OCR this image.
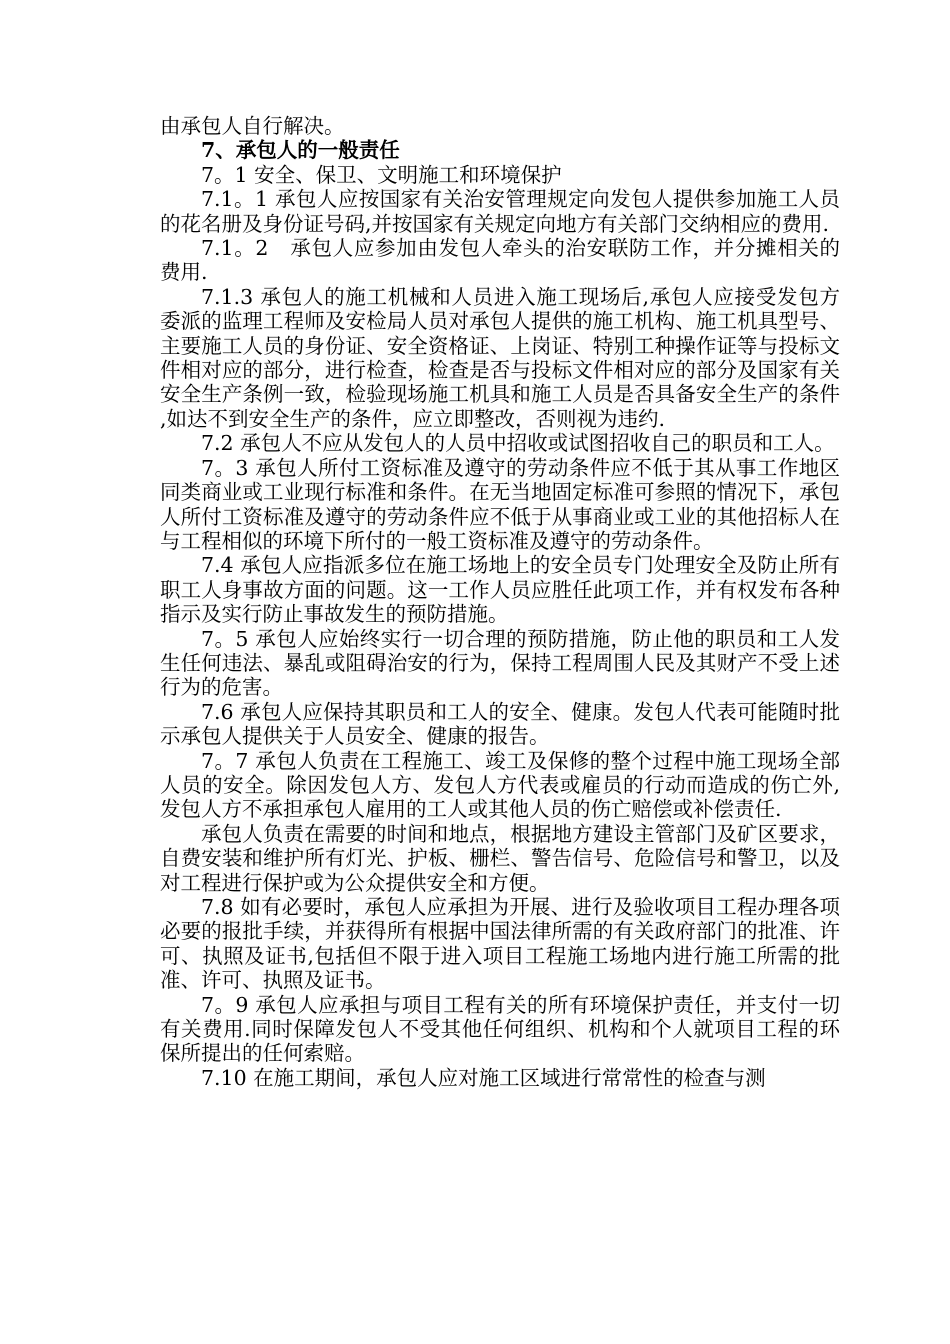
由承包人自行解决。

7、承包人的一般责任

7。1 安全、保卫、文明施工和环境保护

7.1。1 承包人应按国家有关治安管理规定向发包人提供参加施工人员的花名册及身份证号码,并按国家有关规定向地方有关部门交纳相应的费用.

7.1。2　承包人应参加由发包人牵头的治安联防工作，并分摊相关的费用.

7.1.3 承包人的施工机械和人员进入施工现场后,承包人应接受发包方委派的监理工程师及安检局人员对承包人提供的施工机构、施工机具型号、主要施工人员的身份证、安全资格证、上岗证、特别工种操作证等与投标文件相对应的部分，进行检查，检查是否与投标文件相对应的部分及国家有关安全生产条例一致，检验现场施工机具和施工人员是否具备安全生产的条件,如达不到安全生产的条件，应立即整改，否则视为违约.

7.2 承包人不应从发包人的人员中招收或试图招收自己的职员和工人。

7。3 承包人所付工资标准及遵守的劳动条件应不低于其从事工作地区同类商业或工业现行标准和条件。在无当地固定标准可参照的情况下，承包人所付工资标准及遵守的劳动条件应不低于从事商业或工业的其他招标人在与工程相似的环境下所付的一般工资标准及遵守的劳动条件。

7.4 承包人应指派多位在施工场地上的安全员专门处理安全及防止所有职工人身事故方面的问题。这一工作人员应胜任此项工作，并有权发布各种指示及实行防止事故发生的预防措施。

7。5 承包人应始终实行一切合理的预防措施，防止他的职员和工人发生任何违法、暴乱或阻碍治安的行为，保持工程周围人民及其财产不受上述行为的危害。

7.6 承包人应保持其职员和工人的安全、健康。发包人代表可能随时批示承包人提供关于人员安全、健康的报告。

7。7 承包人负责在工程施工、竣工及保修的整个过程中施工现场全部人员的安全。除因发包人方、发包人方代表或雇员的行动而造成的伤亡外,发包人方不承担承包人雇用的工人或其他人员的伤亡赔偿或补偿责任.

承包人负责在需要的时间和地点，根据地方建设主管部门及矿区要求，自费安装和维护所有灯光、护板、栅栏、警告信号、危险信号和警卫，以及对工程进行保护或为公众提供安全和方便。

7.8 如有必要时，承包人应承担为开展、进行及验收项目工程办理各项必要的报批手续，并获得所有根据中国法律所需的有关政府部门的批准、许可、执照及证书,包括但不限于进入项目工程施工场地内进行施工所需的批准、许可、执照及证书。

7。9 承包人应承担与项目工程有关的所有环境保护责任，并支付一切有关费用.同时保障发包人不受其他任何组织、机构和个人就项目工程的环保所提出的任何索赔。

7.10 在施工期间，承包人应对施工区域进行常常性的检查与测
